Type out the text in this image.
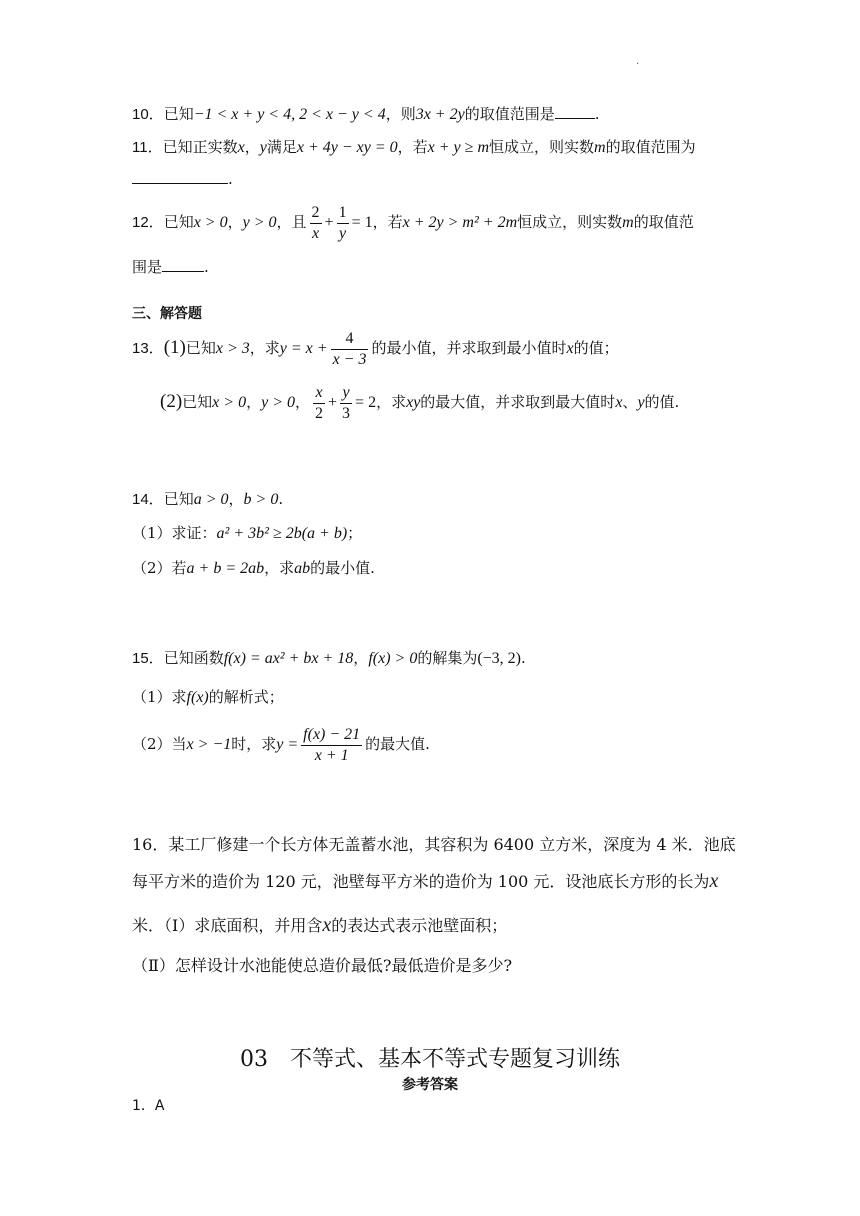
.
10．已知−1 < x + y < 4, 2 < x − y < 4，则3x + 2y的取值范围是	.
11．已知正实数x，y满足x + 4y − xy = 0，若x + y ≥ m恒成立，则实数m的取值范围为
.
12．已知x > 0，y > 0，且 $\frac{2}{x} + \frac{1}{y} = 1$，若x + 2y > m² + 2m恒成立，则实数m的取值范
围是	.
三、解答题
13．(1)已知x > 3，求$y = x + \frac{4}{x - 3}$ 的最小值，并求取到最小值时x的值；
(2)已知x > 0，y > 0， $\frac{x}{2} + \frac{y}{3} = 2$，求xy的最大值，并求取到最大值时x、y的值.
14．已知a > 0，b > 0.
（1）求证：a² + 3b² ≥ 2b(a + b)；
（2）若a + b = 2ab，求ab的最小值.
15．已知函数f(x) = ax² + bx + 18，f(x) > 0的解集为(−3, 2).
（1）求f(x)的解析式；
（2）当x > −1时，求$y = \frac{f(x) - 21}{x + 1}$ 的最大值.
16．某工厂修建一个长方体无盖蓄水池，其容积为 6400 立方米，深度为 4 米．池底
每平方米的造价为 120 元，池壁每平方米的造价为 100 元．设池底长方形的长为x
米．（Ⅰ）求底面积，并用含x的表达式表示池壁面积；
（Ⅱ）怎样设计水池能使总造价最低?最低造价是多少?
03　不等式、基本不等式专题复习训练
参考答案
1．A
